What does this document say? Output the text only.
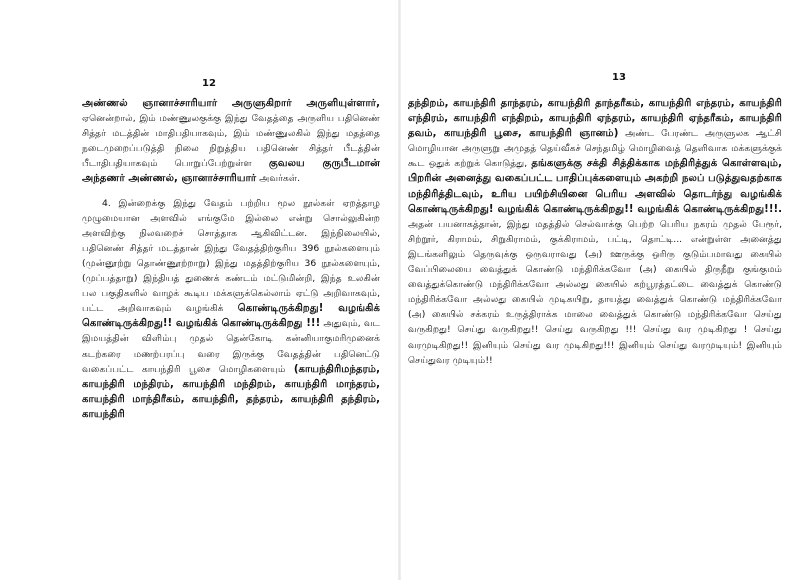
12

அண்ணல் ஞானாச்சாரியார் அருளுகிறார் அருளியுள்ளார், ஏனென்றால், இம் மண்ணுலகுக்கு இந்து வேதத்தை அருளிய பதினெண் சித்தர் மடத்தின் மாதிபதியாகவும், இம் மண்ணுலகில் இந்து மதத்தை நடைமுறைப்படுத்தி நிலை நிறுத்திய பதினெண் சித்தர் பீடத்தின் பீடாதிபதியாகவும் பொறுப்பேற்றுள்ள குவலய குருபீடமான் அந்தணர் அண்ணல், ஞானாச்சாரியார் அவர்கள்.

4. இன்றைக்கு இந்து வேதம் பற்றிய மூல நூல்கள் ஏறத்தாழ முழுமையான அளவில் எங்குமே இல்லை என்று சொல்லுகின்ற அளவிற்கு நிலவறைச் சொத்தாக ஆகிவிட்டன. இந்நிலையில், பதினெண் சித்தர் மடத்தான் இந்து வேதத்திற்குரிய 396 நூல்களையும் (முன்னூற்று தொண்ணூற்றாறு) இந்து மதத்திற்குரிய 36 நூல்களையும், (முப்பத்தாறு) இந்தியத் துணைக் கண்டம் மட்டுமின்றி, இந்த உலகின் பல பகுதிகளில் வாழக் கூடிய மக்களுக்கெல்லாம் ஏட்டு அறிவாகவும், பட்ட அறிவாகவும் வழங்கிக் கொண்டிருக்கிறது! வழங்கிக் கொண்டிருக்கிறது!! வழங்கிக் கொண்டிருக்கிறது !!! அதுவும், வட இமயத்தின் விளிம்பு முதல் தென்கோடி கன்னியாகுமரிமுனைக் கடற்கரை மணற்பரப்பு வரை இருக்கு வேதத்தின் பதினெட்டு வகைப்பட்ட காயந்திரி பூசை மொழிகளையும் (காயந்திரிமந்தரம், காயந்திரி மந்திரம், காயந்திரி மந்திறம், காயந்திரி மாந்தரம், காயந்திரி மாந்திரீகம், காயந்திரி, தந்தரம், காயந்திரி தந்திரம், காயந்திரி

13

தந்திறம், காயந்திரி தாந்தரம், காயந்திரி தாந்தரீகம், காயந்திரி எந்தரம், காயந்திரி எந்திரம், காயந்திரி எந்திறம், காயந்திரி ஏந்தரம், காயந்திரி ஏந்தரீகம், காயந்திரி தவம், காயந்திரி பூசை, காயந்திரி ஞானம்) அண்ட பேரண்ட அருளுலக ஆட்சி மொழியான அருளுறு அமுதத் தெய்வீகச் செந்தமிழ் மொழிவைத் தெளிவாக மக்களுக்குக் கூட ஒதுக் கற்றுக் கொடுத்து, தங்களுக்கு சக்தி சித்திக்காக மந்திரித்துக் கொள்ளவும், பிறரின் அனைத்து வகைப்பட்ட பாதிப்புக்களையும் அகற்றி நலப் படுத்துவதற்காக மந்திரித்திடவும், உரிய பயிற்சியினை பெரிய அளவில் தொடர்ந்து வழங்கிக் கொண்டிருக்கிறது! வழங்கிக் கொண்டிருக்கிறது!! வழங்கிக் கொண்டிருக்கிறது!!!. அதன் பயனாகத்தான், இந்து மதத்தில் செல்வாக்கு பெற்ற பெரிய நகரம் முதல் பேரூர், சிற்றூர், கிராமம், சிறுகிராமம், குக்கிராமம், பட்டி, தொட்டி... என்றுள்ள அனைத்து இடங்களிலும் தெருவுக்கு ஒருவராவது (அ) ஊருக்கு ஒரிரு குடும்பமாவது கையில் வேப்பிலையை வைத்துக் கொண்டு மந்திரிக்கவோ (அ) கையில் திருநீறு குங்குமம் வைத்துக்கொண்டு மந்திரிக்கவோ அல்லது கையில் கற்பூரத்தட்டை வைத்துக் கொண்டு மந்திரிக்கவோ அல்லது கையில் முடிகயிறு, தாயத்து வைத்துக் கொண்டு மந்திரிக்கவோ (அ) கையில் சக்கரம் உருத்திராக்க மாலை வைத்துக் கொண்டு மந்திரிக்கவோ செய்து வருகிறது! செய்து வருகிறது!! செய்து வருகிறது !!! செய்து வர முடிகிறது ! செய்து வரமுடிகிறது!! இனியும் செய்து வர முடிகிறது!!! இனியும் செய்து வரமுடியும்! இனியும் செய்துவர முடியும்!!
